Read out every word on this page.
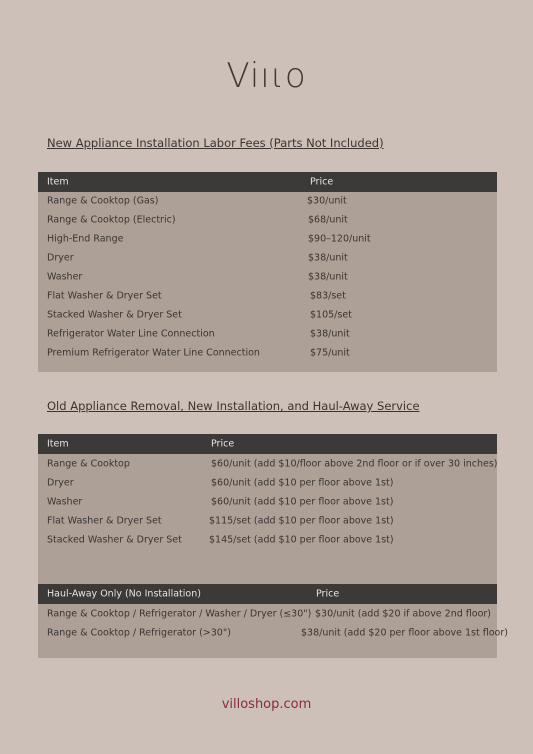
Viıιo
New Appliance Installation Labor Fees (Parts Not Included)
Item	Price
Range & Cooktop (Gas)	$30/unit
Range & Cooktop (Electric)	$68/unit
High-End Range	$90–120/unit
Dryer	$38/unit
Washer	$38/unit
Flat Washer & Dryer Set	$83/set
Stacked Washer & Dryer Set	$105/set
Refrigerator Water Line Connection	$38/unit
Premium Refrigerator Water Line Connection	$75/unit
Old Appliance Removal, New Installation, and Haul-Away Service
Item	Price
Range & Cooktop	$60/unit (add $10/floor above 2nd floor or if over 30 inches)
Dryer	$60/unit (add $10 per floor above 1st)
Washer	$60/unit (add $10 per floor above 1st)
Flat Washer & Dryer Set	$115/set (add $10 per floor above 1st)
Stacked Washer & Dryer Set	$145/set (add $10 per floor above 1st)
Haul-Away Only (No Installation)	Price
Range & Cooktop / Refrigerator / Washer / Dryer (≤30") $30/unit (add $20 if above 2nd floor)
Range & Cooktop / Refrigerator (>30")	$38/unit (add $20 per floor above 1st floor)
villoshop.com
